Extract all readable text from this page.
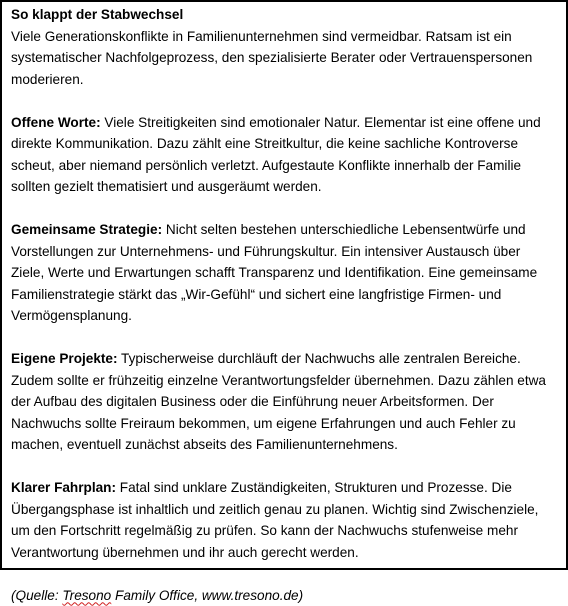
So klappt der Stabwechsel

Viele Generationskonflikte in Familienunternehmen sind vermeidbar. Ratsam ist ein systematischer Nachfolgeprozess, den spezialisierte Berater oder Vertrauenspersonen moderieren.

Offene Worte: Viele Streitigkeiten sind emotionaler Natur. Elementar ist eine offene und direkte Kommunikation. Dazu zählt eine Streitkultur, die keine sachliche Kontroverse scheut, aber niemand persönlich verletzt. Aufgestaute Konflikte innerhalb der Familie sollten gezielt thematisiert und ausgeräumt werden.

Gemeinsame Strategie: Nicht selten bestehen unterschiedliche Lebensentwürfe und Vorstellungen zur Unternehmens- und Führungskultur. Ein intensiver Austausch über Ziele, Werte und Erwartungen schafft Transparenz und Identifikation. Eine gemeinsame Familienstrategie stärkt das „Wir-Gefühl“ und sichert eine langfristige Firmen- und Vermögensplanung.

Eigene Projekte: Typischerweise durchläuft der Nachwuchs alle zentralen Bereiche. Zudem sollte er frühzeitig einzelne Verantwortungsfelder übernehmen. Dazu zählen etwa der Aufbau des digitalen Business oder die Einführung neuer Arbeitsformen. Der Nachwuchs sollte Freiraum bekommen, um eigene Erfahrungen und auch Fehler zu machen, eventuell zunächst abseits des Familienunternehmens.

Klarer Fahrplan: Fatal sind unklare Zuständigkeiten, Strukturen und Prozesse. Die Übergangsphase ist inhaltlich und zeitlich genau zu planen. Wichtig sind Zwischenziele, um den Fortschritt regelmäßig zu prüfen. So kann der Nachwuchs stufenweise mehr Verantwortung übernehmen und ihr auch gerecht werden.

(Quelle: Tresono Family Office, www.tresono.de)
